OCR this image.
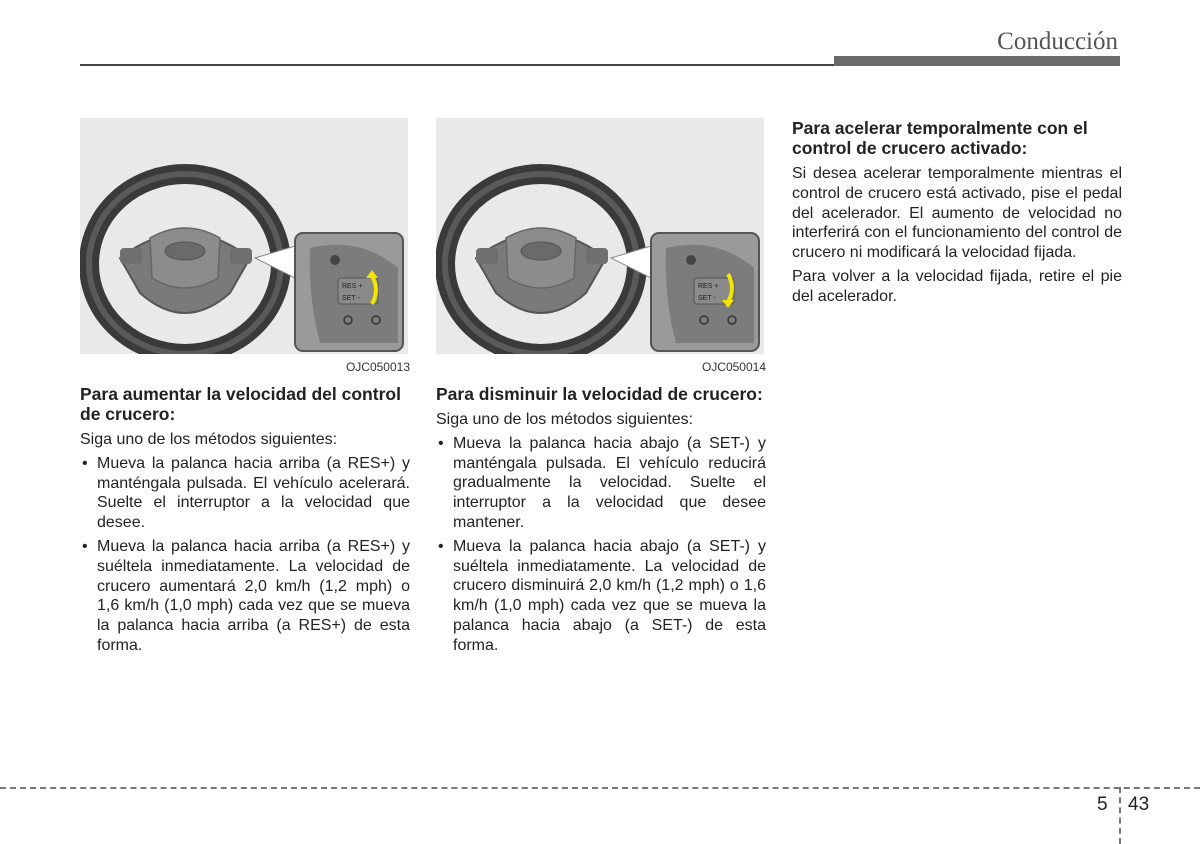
Conducción
RES +
SET -
OJC050013
Para aumentar la velocidad del control de crucero:

Siga uno de los métodos siguientes:

• Mueva la palanca hacia arriba (a RES+) y manténgala pulsada. El vehículo acelerará. Suelte el interruptor a la velocidad que desee.
• Mueva la palanca hacia arriba (a RES+) y suéltela inmediatamente. La velocidad de crucero aumentará 2,0 km/h (1,2 mph) o 1,6 km/h (1,0 mph) cada vez que se mueva la palanca hacia arriba (a RES+) de esta forma.
RES +
SET -
OJC050014
Para disminuir la velocidad de crucero:

Siga uno de los métodos siguientes:

• Mueva la palanca hacia abajo (a SET-) y manténgala pulsada. El vehículo reducirá gradualmente la velocidad. Suelte el interruptor a la velocidad que desee mantener.
• Mueva la palanca hacia abajo (a SET-) y suéltela inmediatamente. La velocidad de crucero disminuirá 2,0 km/h (1,2 mph) o 1,6 km/h (1,0 mph) cada vez que se mueva la palanca hacia abajo (a SET-) de esta forma.
Para acelerar temporalmente con el control de crucero activado:

Si desea acelerar temporalmente mientras el control de crucero está activado, pise el pedal del acelerador. El aumento de velocidad no interferirá con el funcionamiento del control de crucero ni modificará la velocidad fijada.

Para volver a la velocidad fijada, retire el pie del acelerador.

5 43
